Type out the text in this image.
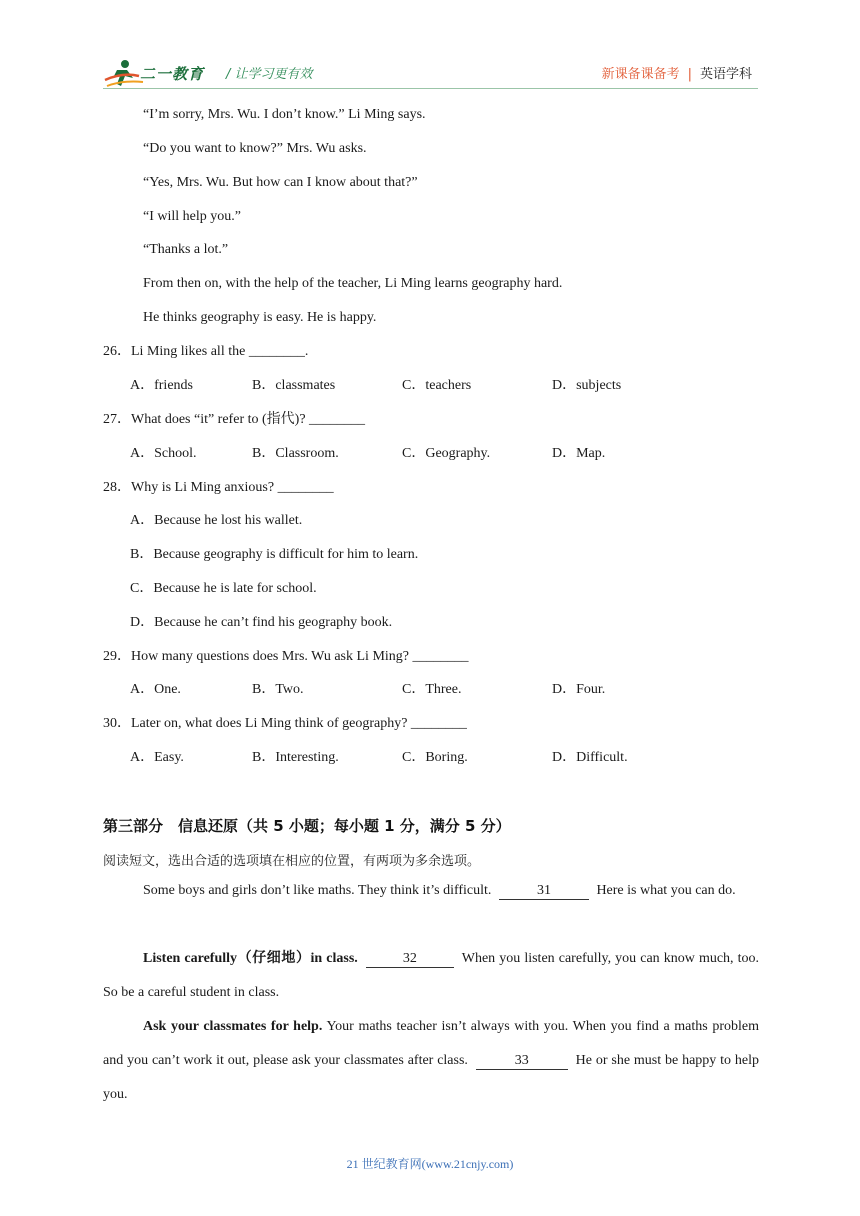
二一教育 / 让学习更有效	新课备课备考 | 英语学科
“I’m sorry, Mrs. Wu. I don’t know.” Li Ming says.
“Do you want to know?” Mrs. Wu asks.
“Yes, Mrs. Wu. But how can I know about that?”
“I will help you.”
“Thanks a lot.”
From then on, with the help of the teacher, Li Ming learns geography hard.
He thinks geography is easy. He is happy.
26．Li Ming likes all the ________.
A．friends	B．classmates	C．teachers	D．subjects
27．What does “it” refer to (指代)? ________
A．School.	B．Classroom.	C．Geography.	D．Map.
28．Why is Li Ming anxious? ________
A．Because he lost his wallet.
B．Because geography is difficult for him to learn.
C．Because he is late for school.
D．Because he can’t find his geography book.
29．How many questions does Mrs. Wu ask Li Ming? ________
A．One.	B．Two.	C．Three.	D．Four.
30．Later on, what does Li Ming think of geography? ________
A．Easy.	B．Interesting.	C．Boring.	D．Difficult.
第三部分　信息还原（共 5 小题；每小题 1 分，满分 5 分）
阅读短文，选出合适的选项填在相应的位置，有两项为多余选项。
Some boys and girls don’t like maths. They think it’s difficult.	31	Here is what you can do.
Listen carefully（仔细地）in class.	32	When you listen carefully, you can know much, too. So be a careful student in class.
Ask your classmates for help. Your maths teacher isn’t always with you. When you find a maths problem and you can’t work it out, please ask your classmates after class.	33	He or she must be happy to help you.
21 世纪教育网(www.21cnjy.com)
